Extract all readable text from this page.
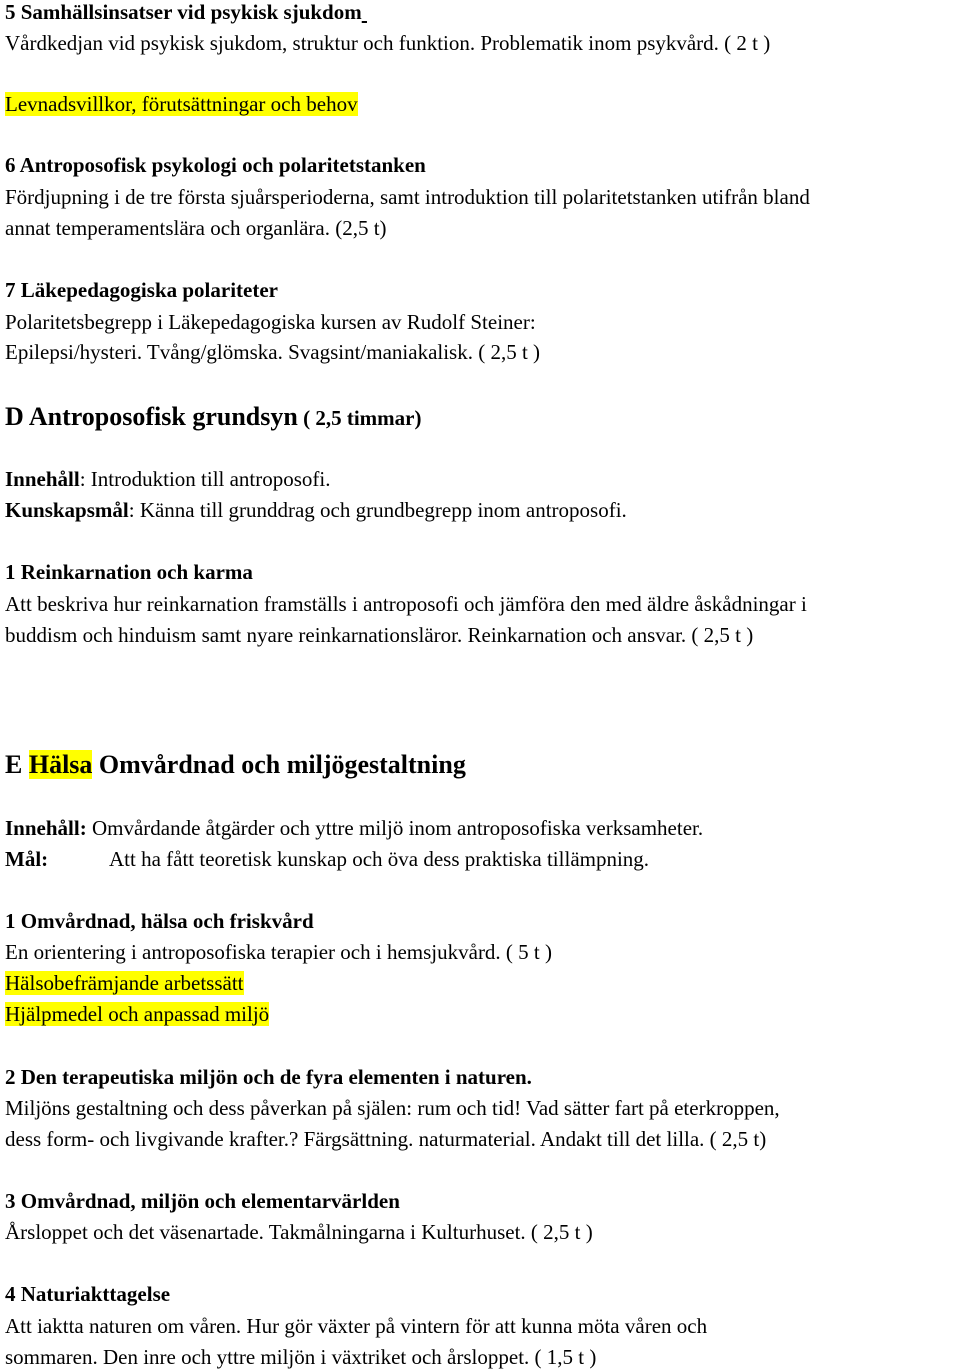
5 Samhällsinsatser vid psykisk sjukdom
Vårdkedjan vid psykisk sjukdom, struktur och funktion. Problematik inom psykvård. ( 2 t )
Levnadsvillkor, förutsättningar och behov
6 Antroposofisk psykologi och polaritetstanken
Fördjupning i de tre första sjuårsperioderna, samt introduktion till polaritetstanken utifrån bland
annat temperamentslära och organlära. (2,5 t)
7 Läkepedagogiska polariteter
Polaritetsbegrepp i Läkepedagogiska kursen av Rudolf Steiner:
Epilepsi/hysteri. Tvång/glömska. Svagsint/maniakalisk. ( 2,5 t )
D Antroposofisk grundsyn ( 2,5 timmar)
Innehåll: Introduktion till antroposofi.
Kunskapsmål: Känna till grunddrag och grundbegrepp inom antroposofi.
1 Reinkarnation och karma
Att beskriva hur reinkarnation framställs i antroposofi och jämföra den med äldre åskådningar i
buddism och hinduism samt nyare reinkarnationsläror. Reinkarnation och ansvar. ( 2,5 t )
E Hälsa Omvårdnad och miljögestaltning
Innehåll: Omvårdande åtgärder och yttre miljö inom antroposofiska verksamheter.
Mål:	Att ha fått teoretisk kunskap och öva dess praktiska tillämpning.
1 Omvårdnad, hälsa och friskvård
En orientering i antroposofiska terapier och i hemsjukvård. ( 5 t )
Hälsobefrämjande arbetssätt
Hjälpmedel och anpassad miljö
2 Den terapeutiska miljön och de fyra elementen i naturen.
Miljöns gestaltning och dess påverkan på själen: rum och tid! Vad sätter fart på eterkroppen,
dess form- och livgivande krafter.? Färgsättning. naturmaterial. Andakt till det lilla. ( 2,5 t)
3 Omvårdnad, miljön och elementarvärlden
Årsloppet och det väsenartade. Takmålningarna i Kulturhuset. ( 2,5 t )
4 Naturiakttagelse
Att iaktta naturen om våren. Hur gör växter på vintern för att kunna möta våren och
sommaren. Den inre och yttre miljön i växtriket och årsloppet. ( 1,5 t )
